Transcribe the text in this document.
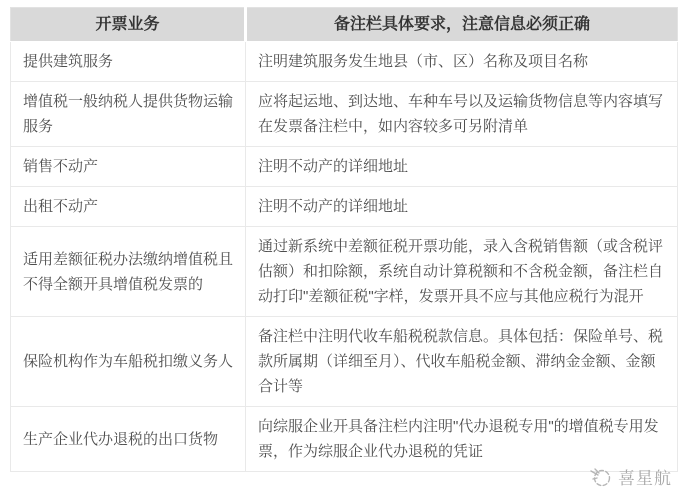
开票业务	备注栏具体要求，注意信息必须正确
提供建筑服务	注明建筑服务发生地县（市、区）名称及项目名称
增值税一般纳税人提供货物运输服务	应将起运地、到达地、车种车号以及运输货物信息等内容填写在发票备注栏中，如内容较多可另附清单
销售不动产	注明不动产的详细地址
出租不动产	注明不动产的详细地址
适用差额征税办法缴纳增值税且不得全额开具增值税发票的	通过新系统中差额征税开票功能，录入含税销售额（或含税评估额）和扣除额，系统自动计算税额和不含税金额，备注栏自动打印"差额征税"字样，发票开具不应与其他应税行为混开
保险机构作为车船税扣缴义务人	备注栏中注明代收车船税税款信息。具体包括：保险单号、税款所属期（详细至月）、代收车船税金额、滞纳金金额、金额合计等
生产企业代办退税的出口货物	向综服企业开具备注栏内注明"代办退税专用"的增值税专用发票，作为综服企业代办退税的凭证
喜星航
